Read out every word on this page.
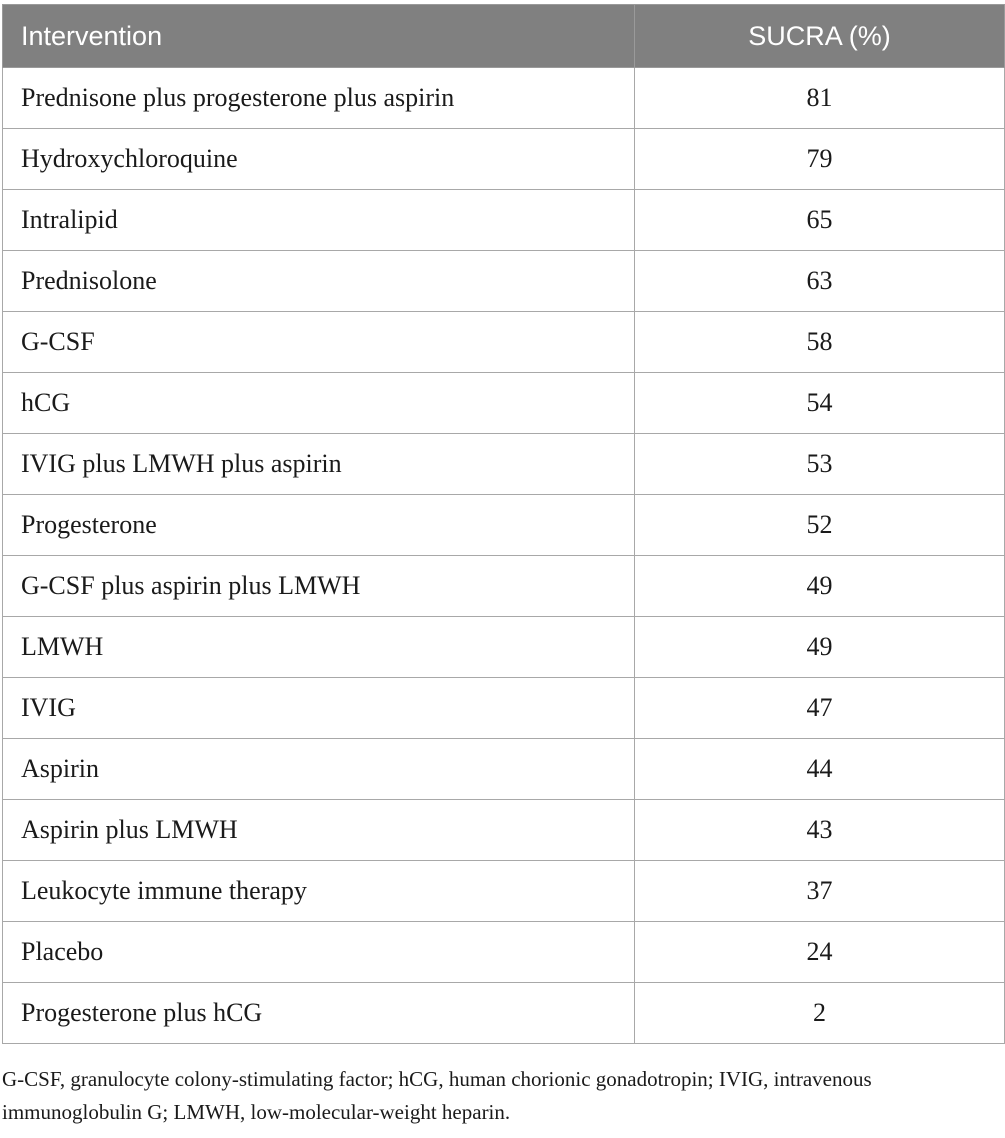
Intervention	SUCRA (%)
Prednisone plus progesterone plus aspirin	81
Hydroxychloroquine	79
Intralipid	65
Prednisolone	63
G-CSF	58
hCG	54
IVIG plus LMWH plus aspirin	53
Progesterone	52
G-CSF plus aspirin plus LMWH	49
LMWH	49
IVIG	47
Aspirin	44
Aspirin plus LMWH	43
Leukocyte immune therapy	37
Placebo	24
Progesterone plus hCG	2

G-CSF, granulocyte colony-stimulating factor; hCG, human chorionic gonadotropin; IVIG, intravenous immunoglobulin G; LMWH, low-molecular-weight heparin.
